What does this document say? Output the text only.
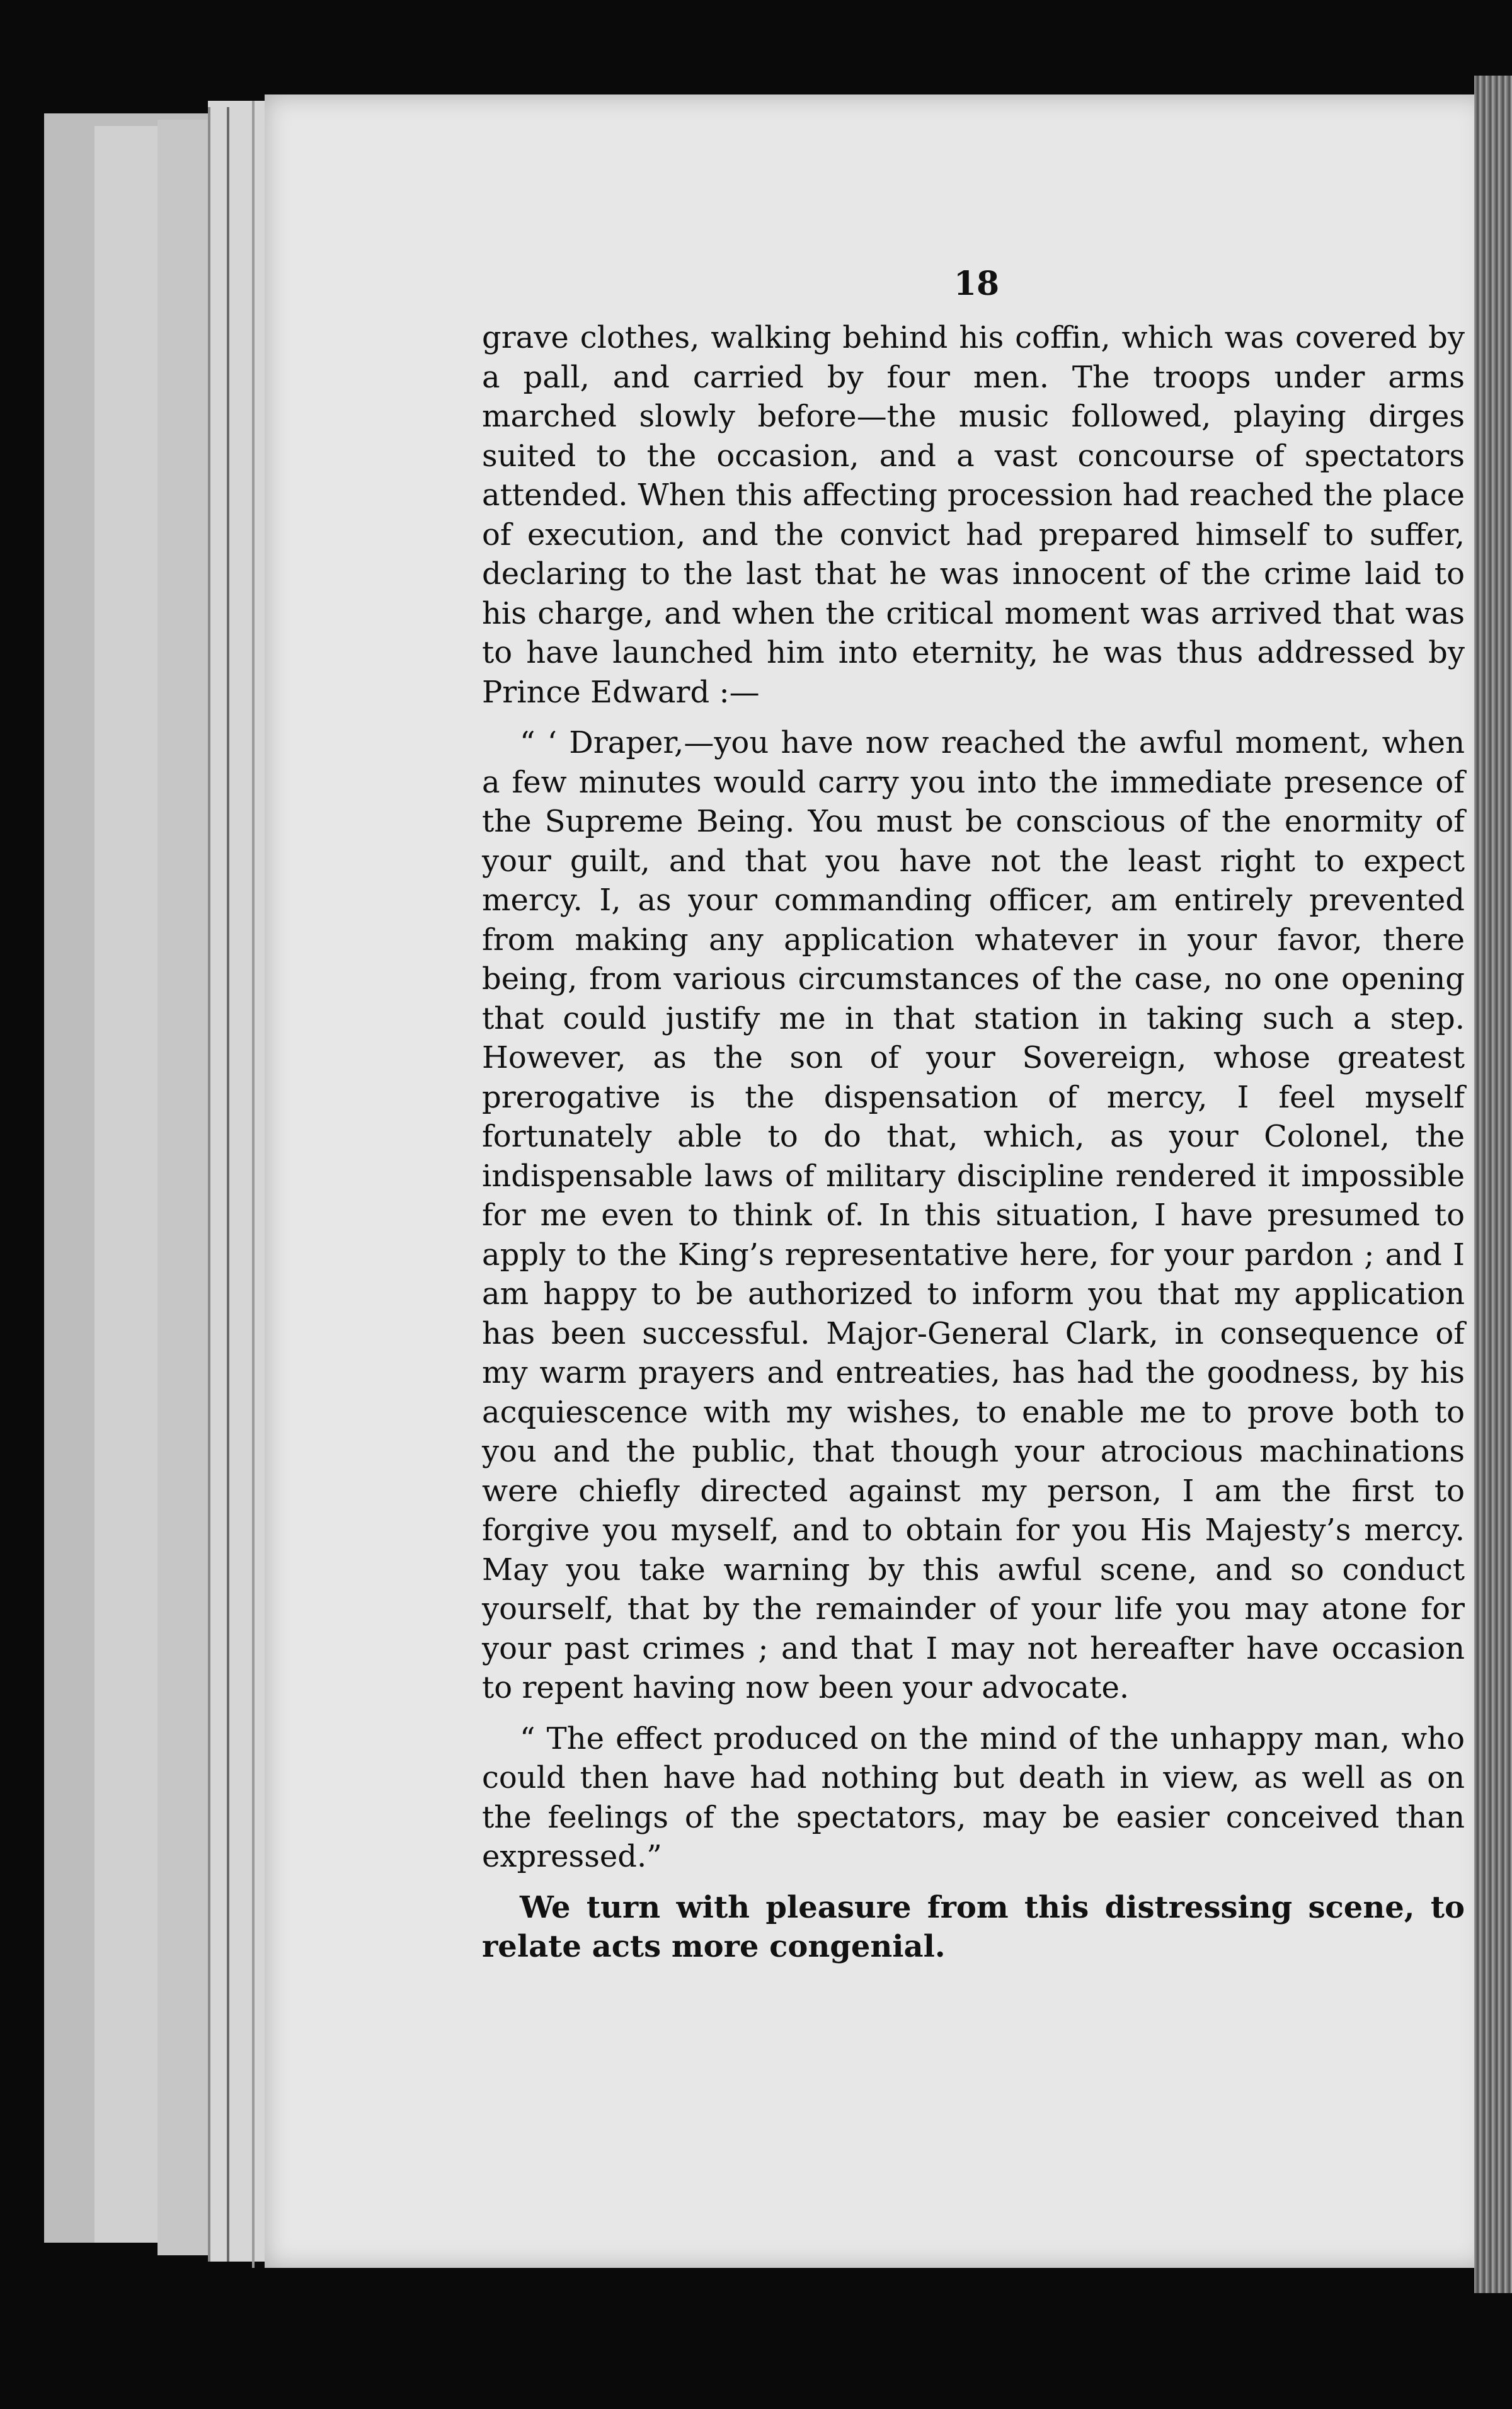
18

grave clothes, walking behind his coffin, which was covered by a pall, and carried by four men. The troops under arms marched slowly before—the music followed, playing dirges suited to the occasion, and a vast concourse of spectators attended. When this affecting procession had reached the place of execution, and the convict had prepared himself to suffer, declaring to the last that he was innocent of the crime laid to his charge, and when the critical moment was arrived that was to have launched him into eternity, he was thus addressed by Prince Edward :—

“ ‘ Draper,—you have now reached the awful moment, when a few minutes would carry you into the immediate presence of the Supreme Being. You must be conscious of the enormity of your guilt, and that you have not the least right to expect mercy. I, as your commanding officer, am entirely prevented from making any application whatever in your favor, there being, from various circumstances of the case, no one opening that could justify me in that station in taking such a step. However, as the son of your Sovereign, whose greatest prerogative is the dispensation of mercy, I feel myself fortunately able to do that, which, as your Colonel, the indispensable laws of military discipline rendered it impossible for me even to think of. In this situation, I have presumed to apply to the King’s representative here, for your pardon ; and I am happy to be authorized to inform you that my application has been successful. Major-General Clark, in consequence of my warm prayers and entreaties, has had the goodness, by his acquiescence with my wishes, to enable me to prove both to you and the public, that though your atrocious machinations were chiefly directed against my person, I am the first to forgive you myself, and to obtain for you His Majesty’s mercy. May you take warning by this awful scene, and so conduct yourself, that by the remainder of your life you may atone for your past crimes ; and that I may not hereafter have occasion to repent having now been your advocate.

“ The effect produced on the mind of the unhappy man, who could then have had nothing but death in view, as well as on the feelings of the spectators, may be easier conceived than expressed.”

We turn with pleasure from this distressing scene, to relate acts more congenial.
